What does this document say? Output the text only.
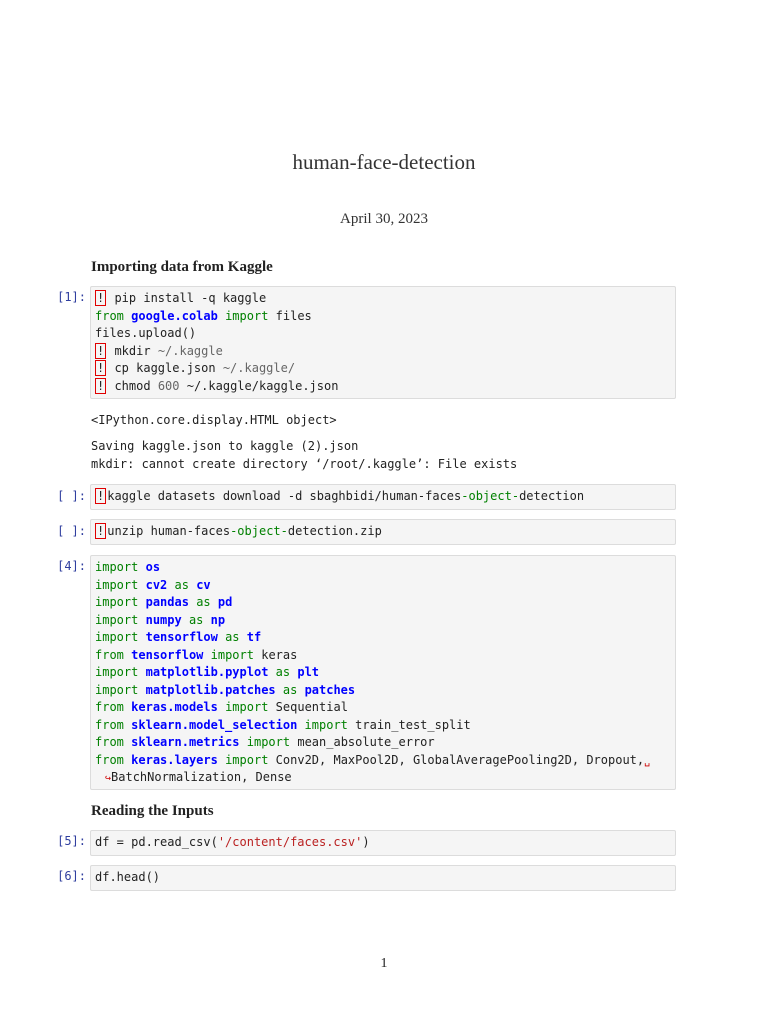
human-face-detection
April 30, 2023
Importing data from Kaggle
[1]: ! pip install -q kaggle
from google.colab import files
files.upload()
! mkdir ~/.kaggle
! cp kaggle.json ~/.kaggle/
! chmod 600 ~/.kaggle/kaggle.json
<IPython.core.display.HTML object>
Saving kaggle.json to kaggle (2).json
mkdir: cannot create directory ‘/root/.kaggle’: File exists
[ ]: ! kaggle datasets download -d sbaghbidi/human-faces-object-detection
[ ]: ! unzip human-faces-object-detection.zip
[4]: import os
import cv2 as cv
import pandas as pd
import numpy as np
import tensorflow as tf
from tensorflow import keras
import matplotlib.pyplot as plt
import matplotlib.patches as patches
from keras.models import Sequential
from sklearn.model_selection import train_test_split
from sklearn.metrics import mean_absolute_error
from keras.layers import Conv2D, MaxPool2D, GlobalAveragePooling2D, Dropout,␣
↪BatchNormalization, Dense
Reading the Inputs
[5]: df = pd.read_csv('/content/faces.csv')
[6]: df.head()
1
